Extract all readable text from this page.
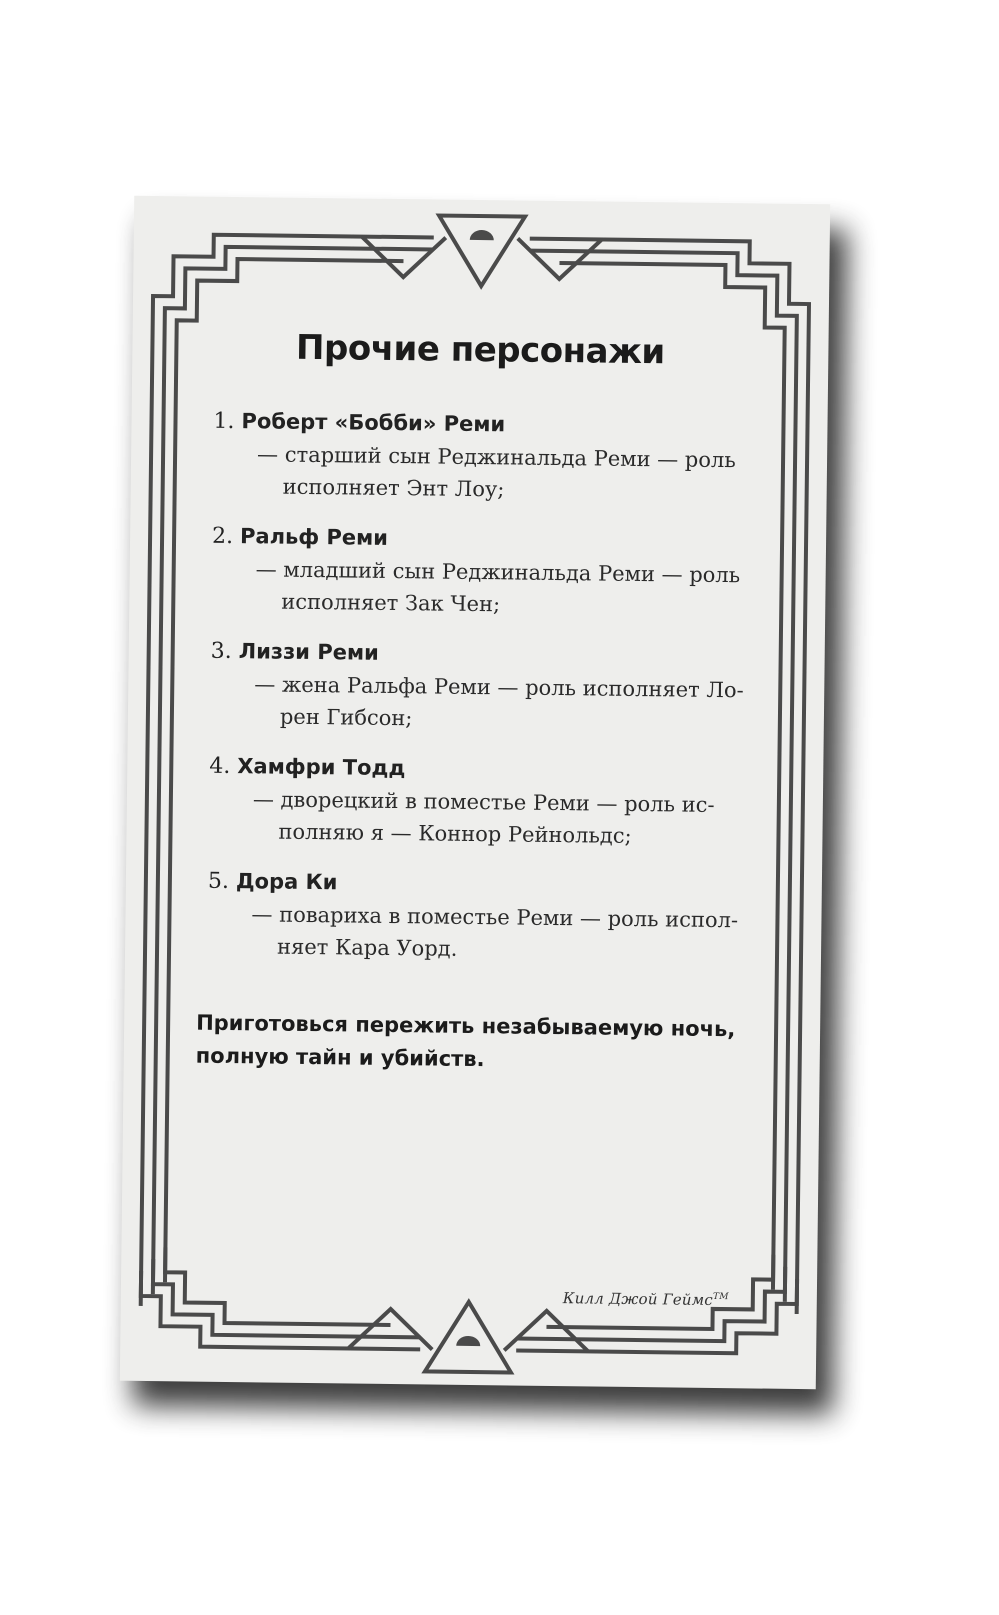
Прочие персонажи
1. Роберт «Бобби» Реми
— старший сын Реджинальда Реми — роль
исполняет Энт Лоу;
2. Ральф Реми
— младший сын Реджинальда Реми — роль
исполняет Зак Чен;
3. Лиззи Реми
— жена Ральфа Реми — роль исполняет Ло-
рен Гибсон;
4. Хамфри Тодд
— дворецкий в поместье Реми — роль ис-
полняю я — Коннор Рейнольдс;
5. Дора Ки
— повариха в поместье Реми — роль испол-
няет Кара Уорд.

Приготовься пережить незабываемую ночь,
полную тайн и убийств.

Килл Джой Геймс™
